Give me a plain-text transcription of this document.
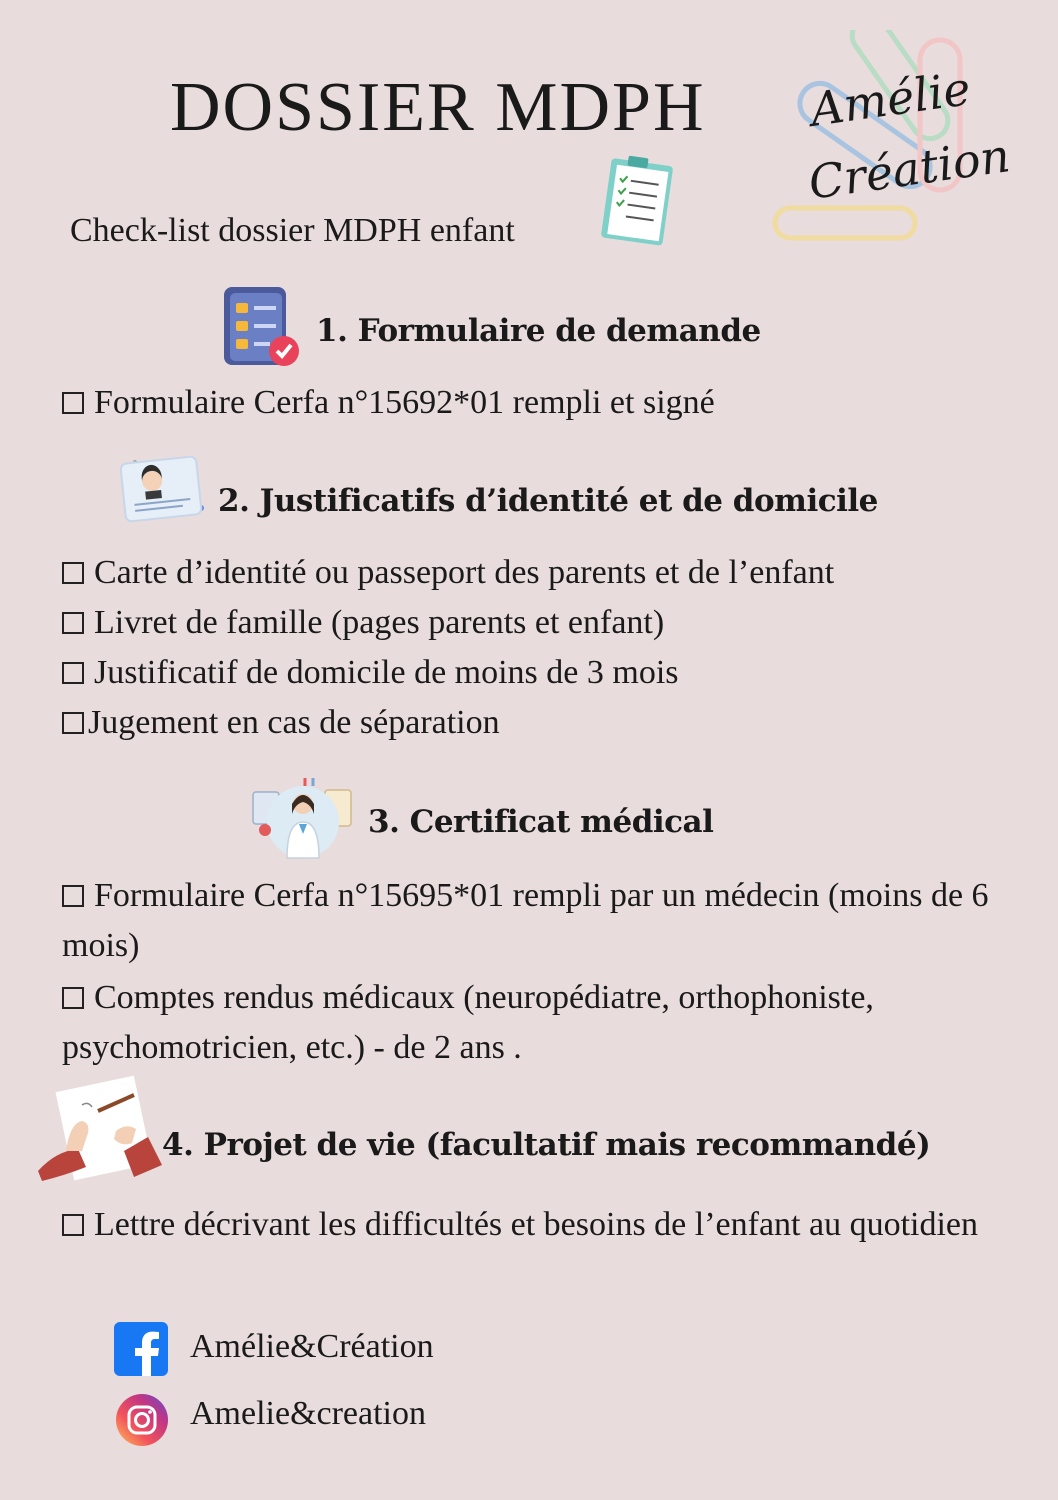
DOSSIER MDPH Amélie
Création
Check-list dossier MDPH enfant
1. Formulaire de demande
Formulaire Cerfa n°15692*01 rempli et signé
2. Justificatifs d’identité et de domicile
Carte d’identité ou passeport des parents et de l’enfant
Livret de famille (pages parents et enfant)
Justificatif de domicile de moins de 3 mois
Jugement en cas de séparation
3. Certificat médical
Formulaire Cerfa n°15695*01 rempli par un médecin (moins de 6 mois)
Comptes rendus médicaux (neuropédiatre, orthophoniste, psychomotricien, etc.) - de 2 ans .
4. Projet de vie (facultatif mais recommandé)
Lettre décrivant les difficultés et besoins de l’enfant au quotidien
Amélie&Création
Amelie&creation
